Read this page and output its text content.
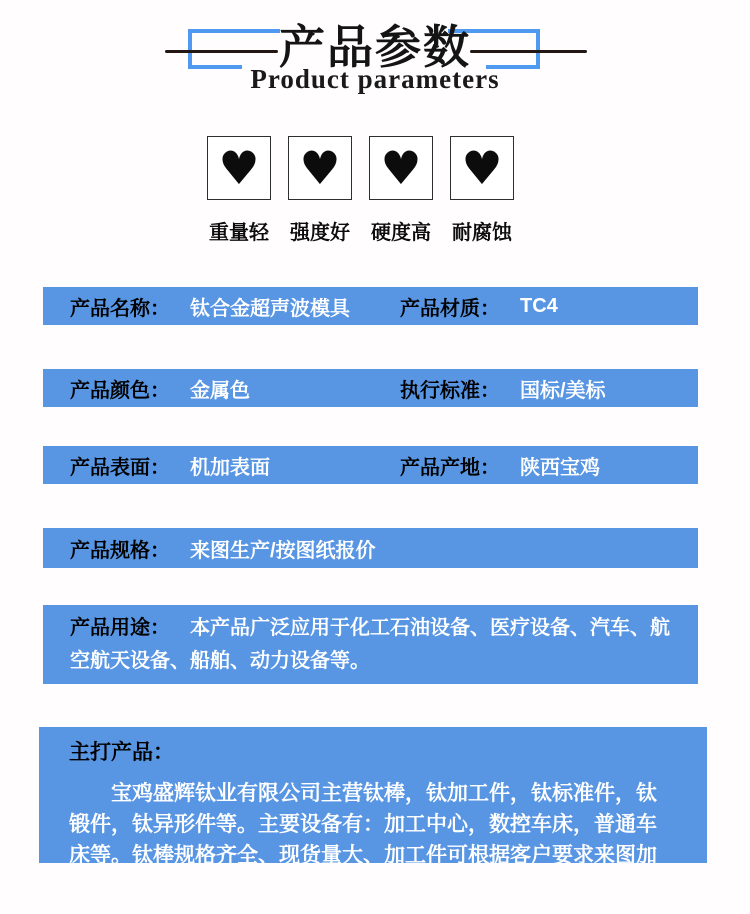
产品参数
Product parameters
♥
重量轻
♥
强度好
♥
硬度高
♥
耐腐蚀
产品名称： 钛合金超声波模具	产品材质： TC4
产品颜色： 金属色	执行标准： 国标/美标
产品表面： 机加表面	产品产地： 陕西宝鸡
产品规格： 来图生产/按图纸报价
产品用途： 本产品广泛应用于化工石油设备、医疗设备、汽车、航空航天设备、船舶、动力设备等。
主打产品：

宝鸡盛辉钛业有限公司主营钛棒，钛加工件，钛标准件，钛锻件，钛异形件等。主要设备有：加工中心，数控车床，普通车床等。钛棒规格齐全、现货量大、加工件可根据客户要求来图加工。
